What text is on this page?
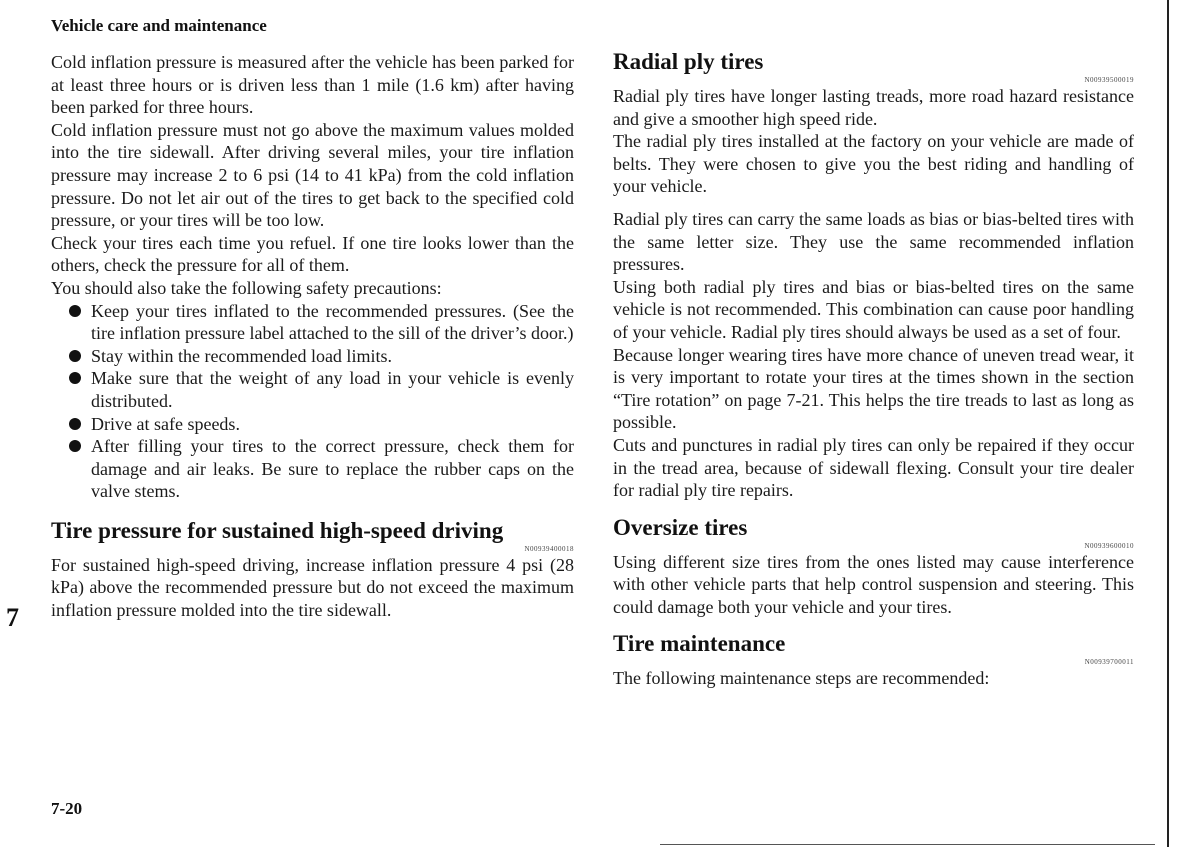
Vehicle care and maintenance

Cold inflation pressure is measured after the vehicle has been parked for at least three hours or is driven less than 1 mile (1.6 km) after having been parked for three hours.

Cold inflation pressure must not go above the maximum values molded into the tire sidewall. After driving several miles, your tire inflation pressure may increase 2 to 6 psi (14 to 41 kPa) from the cold inflation pressure. Do not let air out of the tires to get back to the specified cold pressure, or your tires will be too low.

Check your tires each time you refuel. If one tire looks lower than the others, check the pressure for all of them.

You should also take the following safety precautions:

Keep your tires inflated to the recommended pressures. (See the tire inflation pressure label attached to the sill of the driver’s door.)
Stay within the recommended load limits.
Make sure that the weight of any load in your vehicle is evenly distributed.
Drive at safe speeds.
After filling your tires to the correct pressure, check them for damage and air leaks. Be sure to replace the rubber caps on the valve stems.
Tire pressure for sustained high-speed driving
N00939400018

For sustained high-speed driving, increase inflation pressure 4 psi (28 kPa) above the recommended pressure but do not exceed the maximum inflation pressure molded into the tire sidewall.

Radial ply tires
N00939500019

Radial ply tires have longer lasting treads, more road hazard resistance and give a smoother high speed ride.

The radial ply tires installed at the factory on your vehicle are made of belts. They were chosen to give you the best riding and handling of your vehicle.

Radial ply tires can carry the same loads as bias or bias-belted tires with the same letter size. They use the same recommended inflation pressures.

Using both radial ply tires and bias or bias-belted tires on the same vehicle is not recommended. This combination can cause poor handling of your vehicle. Radial ply tires should always be used as a set of four.

Because longer wearing tires have more chance of uneven tread wear, it is very important to rotate your tires at the times shown in the section “Tire rotation” on page 7-21. This helps the tire treads to last as long as possible.

Cuts and punctures in radial ply tires can only be repaired if they occur in the tread area, because of sidewall flexing. Consult your tire dealer for radial ply tire repairs.

Oversize tires
N00939600010

Using different size tires from the ones listed may cause interference with other vehicle parts that help control suspension and steering. This could damage both your vehicle and your tires.

Tire maintenance
N00939700011

The following maintenance steps are recommended:

7
7-20
